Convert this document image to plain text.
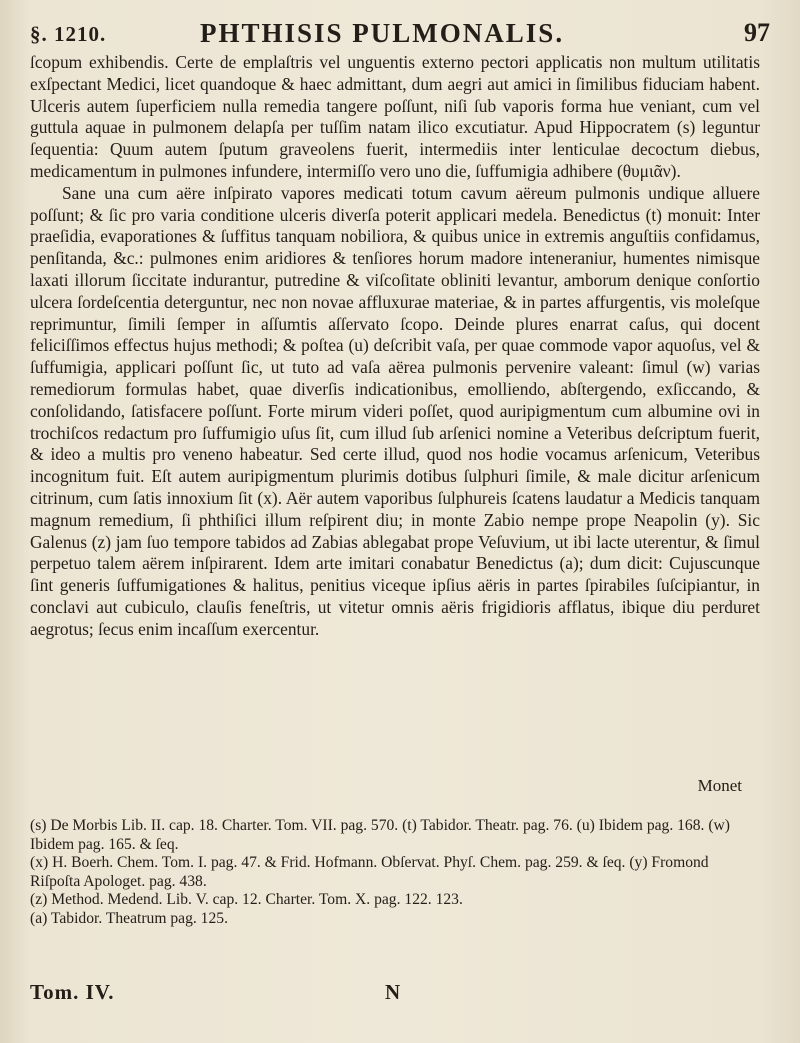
§. 1210.	PHTHISIS PULMONALIS.	97

ſcopum exhibendis. Certe de emplaſtris vel unguentis externo pectori applicatis non multum utilitatis exſpectant Medici, licet quandoque & haec admittant, dum aegri aut amici in ſimilibus fiduciam habent. Ulceris autem ſuperficiem nulla remedia tangere poſſunt, niſi ſub vaporis forma hue veniant, cum vel guttula aquae in pulmonem delapſa per tuſſim natam ilico excutiatur. Apud Hippocratem (s) leguntur ſequentia: Quum autem ſputum graveolens fuerit, intermediis inter lenticulae decoctum diebus, medicamentum in pulmones infundere, intermiſſo vero uno die, ſuffumigia adhibere (θυμιᾶν).

Sane una cum aëre inſpirato vapores medicati totum cavum aëreum pulmonis undique alluere poſſunt; & ſic pro varia conditione ulceris diverſa poterit applicari medela. Benedictus (t) monuit: Inter praeſidia, evaporationes & ſuffitus tanquam nobiliora, & quibus unice in extremis anguſtiis confidamus, penſitanda, &c.: pulmones enim aridiores & tenſiores horum madore inteneraniur, humentes nimisque laxati illorum ſiccitate indurantur, putredine & viſcoſitate obliniti levantur, amborum denique conſortio ulcera ſordeſcentia deterguntur, nec non novae affluxurae materiae, & in partes affurgentis, vis moleſque reprimuntur, ſimili ſemper in aſſumtis aſſervato ſcopo. Deinde plures enarrat caſus, qui docent feliciſſimos effectus hujus methodi; & poſtea (u) deſcribit vaſa, per quae commode vapor aquoſus, vel & ſuffumigia, applicari poſſunt ſic, ut tuto ad vaſa aërea pulmonis pervenire valeant: ſimul (w) varias remediorum formulas habet, quae diverſis indicationibus, emolliendo, abſtergendo, exſiccando, & conſolidando, ſatisfacere poſſunt. Forte mirum videri poſſet, quod auripigmentum cum albumine ovi in trochiſcos redactum pro ſuffumigio uſus ſit, cum illud ſub arſenici nomine a Veteribus deſcriptum fuerit, & ideo a multis pro veneno habeatur. Sed certe illud, quod nos hodie vocamus arſenicum, Veteribus incognitum fuit. Eſt autem auripigmentum plurimis dotibus ſulphuri ſimile, & male dicitur arſenicum citrinum, cum ſatis innoxium ſit (x). Aër autem vaporibus ſulphureis ſcatens laudatur a Medicis tanquam magnum remedium, ſi phthiſici illum reſpirent diu; in monte Zabio nempe prope Neapolin (y). Sic Galenus (z) jam ſuo tempore tabidos ad Zabias ablegabat prope Veſuvium, ut ibi lacte uterentur, & ſimul perpetuo talem aërem inſpirarent. Idem arte imitari conabatur Benedictus (a); dum dicit: Cujuscunque ſint generis ſuffumigationes & halitus, penitius viceque ipſius aëris in partes ſpirabiles ſuſcipiantur, in conclavi aut cubiculo, clauſis feneſtris, ut vitetur omnis aëris frigidioris afflatus, ibique diu perduret aegrotus; ſecus enim incaſſum exercentur.

Monet

(s) De Morbis Lib. II. cap. 18. Charter. Tom. VII. pag. 570. (t) Tabidor. Theatr. pag. 76. (u) Ibidem pag. 168. (w) Ibidem pag. 165. & ſeq.

(x) H. Boerh. Chem. Tom. I. pag. 47. & Frid. Hofmann. Obſervat. Phyſ. Chem. pag. 259. & ſeq. (y) Fromond Riſpoſta Apologet. pag. 438.

(z) Method. Medend. Lib. V. cap. 12. Charter. Tom. X. pag. 122. 123.

(a) Tabidor. Theatrum pag. 125.

Tom. IV.	N
